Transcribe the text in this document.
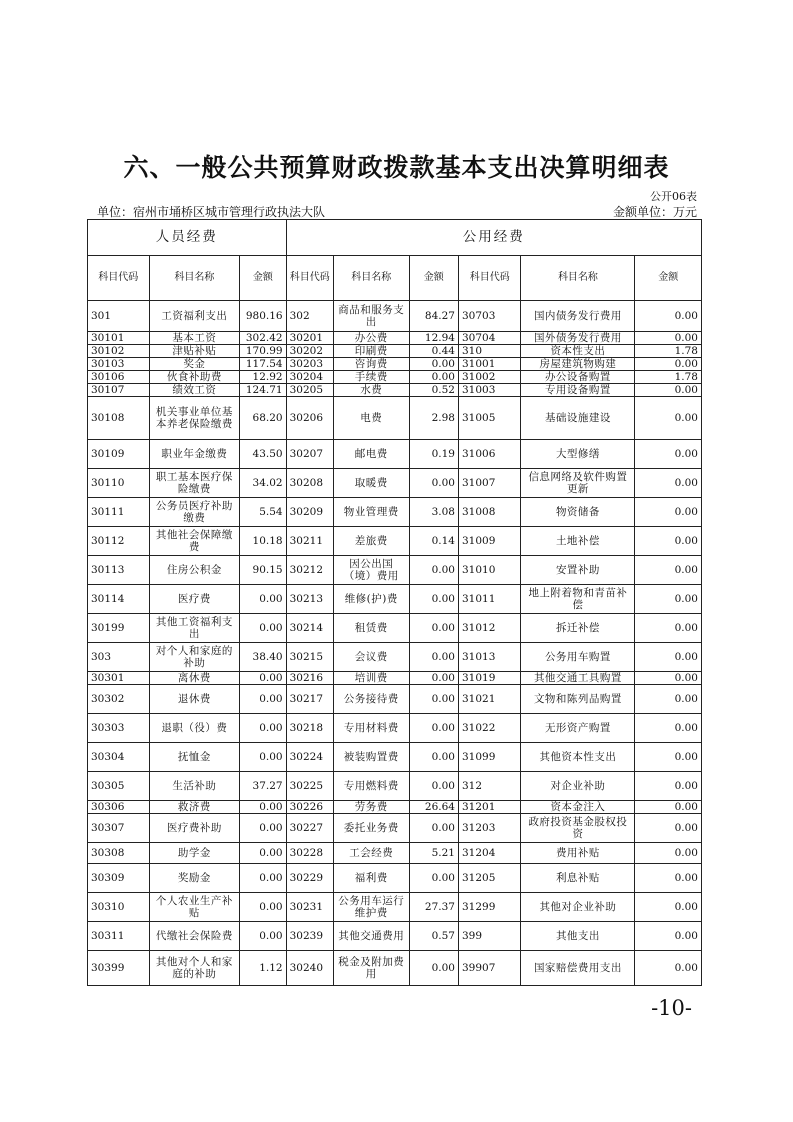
六、一般公共预算财政拨款基本支出决算明细表
公开06表
单位：宿州市埇桥区城市管理行政执法大队	金额单位：万元
人员经费			公用经费					
科目代码	科目名称	金额	科目代码	科目名称	金额	科目代码	科目名称	金额
301	工资福利支出	980.16	302	商品和服务支出	84.27	30703	国内债务发行费用	0.00
30101	基本工资	302.42	30201	办公费	12.94	30704	国外债务发行费用	0.00
30102	津贴补贴	170.99	30202	印刷费	0.44	310	资本性支出	1.78
30103	奖金	117.54	30203	咨询费	0.00	31001	房屋建筑物购建	0.00
30106	伙食补助费	12.92	30204	手续费	0.00	31002	办公设备购置	1.78
30107	绩效工资	124.71	30205	水费	0.52	31003	专用设备购置	0.00
30108	机关事业单位基本养老保险缴费	68.20	30206	电费	2.98	31005	基础设施建设	0.00
30109	职业年金缴费	43.50	30207	邮电费	0.19	31006	大型修缮	0.00
30110	职工基本医疗保险缴费	34.02	30208	取暖费	0.00	31007	信息网络及软件购置更新	0.00
30111	公务员医疗补助缴费	5.54	30209	物业管理费	3.08	31008	物资储备	0.00
30112	其他社会保障缴费	10.18	30211	差旅费	0.14	31009	土地补偿	0.00
30113	住房公积金	90.15	30212	因公出国（境）费用	0.00	31010	安置补助	0.00
30114	医疗费	0.00	30213	维修(护)费	0.00	31011	地上附着物和青苗补偿	0.00
30199	其他工资福利支出	0.00	30214	租赁费	0.00	31012	拆迁补偿	0.00
303	对个人和家庭的补助	38.40	30215	会议费	0.00	31013	公务用车购置	0.00
30301	离休费	0.00	30216	培训费	0.00	31019	其他交通工具购置	0.00
30302	退休费	0.00	30217	公务接待费	0.00	31021	文物和陈列品购置	0.00
30303	退职（役）费	0.00	30218	专用材料费	0.00	31022	无形资产购置	0.00
30304	抚恤金	0.00	30224	被装购置费	0.00	31099	其他资本性支出	0.00
30305	生活补助	37.27	30225	专用燃料费	0.00	312	对企业补助	0.00
30306	救济费	0.00	30226	劳务费	26.64	31201	资本金注入	0.00
30307	医疗费补助	0.00	30227	委托业务费	0.00	31203	政府投资基金股权投资	0.00
30308	助学金	0.00	30228	工会经费	5.21	31204	费用补贴	0.00
30309	奖励金	0.00	30229	福利费	0.00	31205	利息补贴	0.00
30310	个人农业生产补贴	0.00	30231	公务用车运行维护费	27.37	31299	其他对企业补助	0.00
30311	代缴社会保险费	0.00	30239	其他交通费用	0.57	399	其他支出	0.00
30399	其他对个人和家庭的补助	1.12	30240	税金及附加费用	0.00	39907	国家赔偿费用支出	0.00
-10-
